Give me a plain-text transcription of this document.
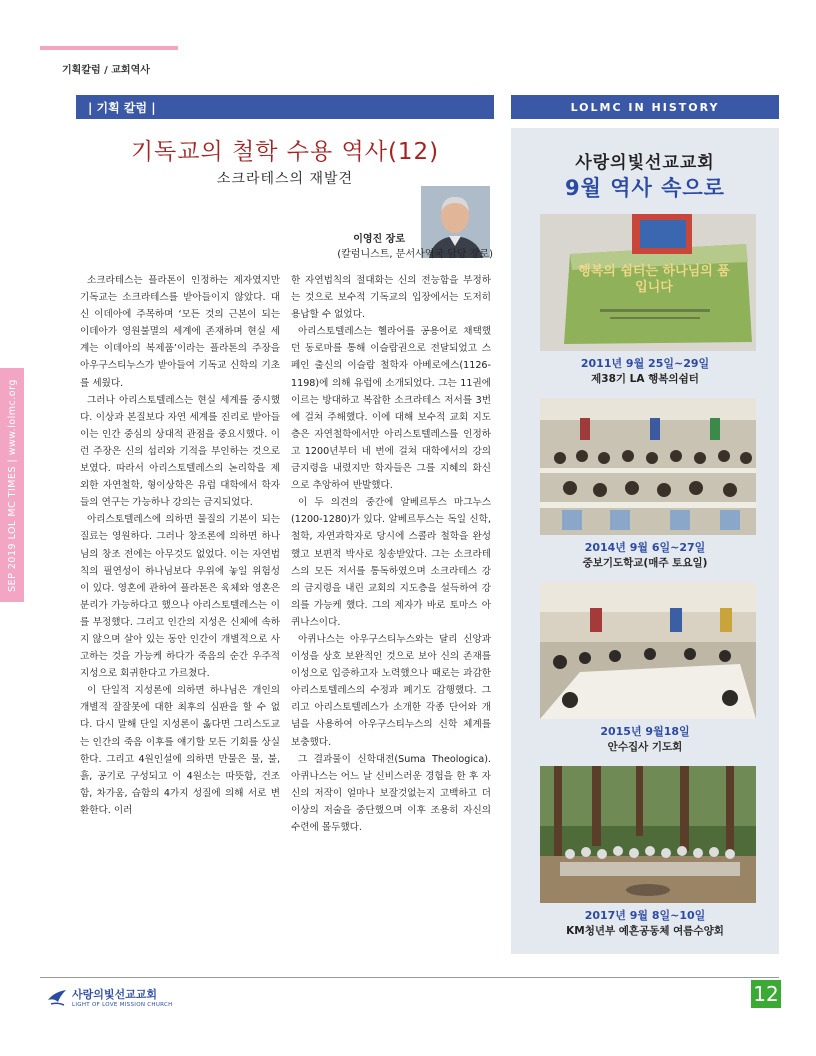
기획칼럼 / 교회역사
| 기획 칼럼 |	LOLMC IN HISTORY
기독교의 철학 수용 역사(12)
소크라테스의 재발견
이영진 장로
(칼럼니스트, 문서사역국 담당 장로)

소크라테스는 플라톤이 인정하는 제자였지만 기독교는 소크라테스를 받아들이지 않았다. 대신 이데아에 주목하며 ‘모든 것의 근본이 되는 이데아가 영원불멸의 세계에 존재하며 현실 세계는 이데아의 복제품’이라는 플라톤의 주장을 아우구스티누스가 받아들여 기독교 신학의 기초를 세웠다.

그러나 아리스토텔레스는 현실 세계를 중시했다. 이상과 본질보다 자연 세계를 진리로 받아들이는 인간 중심의 상대적 관점을 중요시했다. 이런 주장은 신의 섭리와 기적을 부인하는 것으로 보였다. 따라서 아리스토텔레스의 논리학을 제외한 자연철학, 형이상학은 유럽 대학에서 학자들의 연구는 가능하나 강의는 금지되었다.

아리스토텔레스에 의하면 물질의 기본이 되는 질료는 영원하다. 그러나 창조론에 의하면 하나님의 창조 전에는 아무것도 없었다. 이는 자연법칙의 필연성이 하나님보다 우위에 놓일 위험성이 있다. 영혼에 관하여 플라톤은 육체와 영혼은 분리가 가능하다고 했으나 아리스토텔레스는 이를 부정했다. 그리고 인간의 지성은 신체에 속하지 않으며 살아 있는 동안 인간이 개별적으로 사고하는 것을 가능케 하다가 죽음의 순간 우주적 지성으로 회귀한다고 가르쳤다.

이 단일적 지성론에 의하면 하나님은 개인의 개별적 잘잘못에 대한 최후의 심판을 할 수 없다. 다시 말해 단일 지성론이 옳다면 그리스도교는 인간의 죽음 이후를 얘기할 모든 기회를 상실한다. 그리고 4원인설에 의하면 만물은 물, 불, 흙, 공기로 구성되고 이 4원소는 따뜻함, 건조함, 차가움, 습함의 4가지 성질에 의해 서로 변환한다. 이러

한 자연법칙의 절대화는 신의 전능함을 부정하는 것으로 보수적 기독교의 입장에서는 도저히 용납할 수 없었다.

아리스토텔레스는 헬라어를 공용어로 채택했던 동로마를 통해 이슬람권으로 전달되었고 스페인 출신의 이슬람 철학자 아베로에스(1126-1198)에 의해 유럽에 소개되었다. 그는 11권에 이르는 방대하고 복잡한 소크라테스 저서를 3번에 걸쳐 주해했다. 이에 대해 보수적 교회 지도층은 자연철학에서만 아리스토텔레스를 인정하고 1200년부터 네 번에 걸쳐 대학에서의 강의 금지령을 내렸지만 학자들은 그를 지혜의 화신으로 추앙하여 반발했다.

이 두 의견의 중간에 알베르투스 마그누스(1200-1280)가 있다. 알베르투스는 독일 신학, 철학, 자연과학자로 당시에 스콜라 철학을 완성했고 보편적 박사로 칭송받았다. 그는 소크라테스의 모든 저서를 통독하였으며 소크라테스 강의 금지령을 내린 교회의 지도층을 설득하여 강의를 가능케 했다. 그의 제자가 바로 토마스 아퀴나스이다.

아퀴나스는 아우구스티누스와는 달리 신앙과 이성을 상호 보완적인 것으로 보아 신의 존재를 이성으로 입증하고자 노력했으나 때로는 과감한 아리스토텔레스의 수정과 폐기도 감행했다. 그리고 아리스토텔레스가 소개한 각종 단어와 개념을 사용하여 아우구스티누스의 신학 체계를 보충했다.

그 결과물이 신학대전(Suma Theologica). 아퀴나스는 어느 날 신비스러운 경험을 한 후 자신의 저작이 얼마나 보잘것없는지 고백하고 더 이상의 저술을 중단했으며 이후 조용히 자신의 수련에 몰두했다.

SEP 2019 LOL MC TIMES | www.lolmc.org
사랑의빛선교교회
9월 역사 속으로
행복의 쉼터는 하나님의 품입니다
2011년 9월 25일~29일
제38기 LA 행복의쉼터
2014년 9월 6일~27일
중보기도학교(매주 토요일)
2015년 9월18일
안수집사 기도회
2017년 9월 8일~10일
KM청년부 예흔공동체 여름수양회
사랑의빛선교교회
LIGHT OF LOVE MISSION CHURCH	12
